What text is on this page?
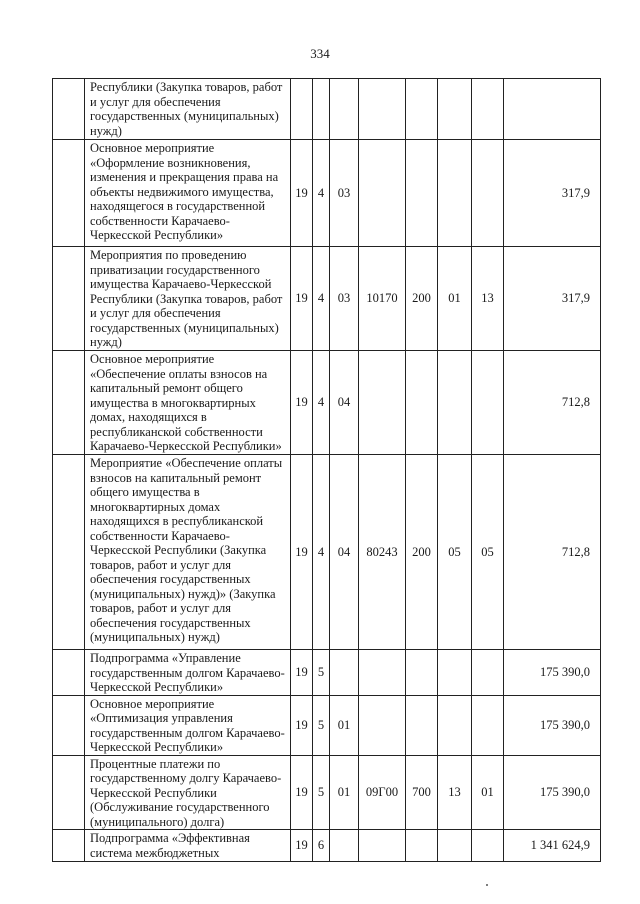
334
	Республики (Закупка товаров, работ и услуг для обеспечения государственных (муниципальных) нужд)								
	Основное мероприятие «Оформление возникновения, изменения и прекращения права на объекты недвижимого имущества, находящегося в государственной собственности Карачаево-Черкесской Республики»	19	4	03					317,9
	Мероприятия по проведению приватизации государственного имущества Карачаево-Черкесской Республики (Закупка товаров, работ и услуг для обеспечения государственных (муниципальных) нужд)	19	4	03	10170	200	01	13	317,9
	Основное мероприятие «Обеспечение оплаты взносов на капитальный ремонт общего имущества в многоквартирных домах, находящихся в республиканской собственности Карачаево-Черкесской Республики»	19	4	04					712,8
	Мероприятие «Обеспечение оплаты взносов на капитальный ремонт общего имущества в многоквартирных домах находящихся в республиканской собственности Карачаево-Черкесской Республики (Закупка товаров, работ и услуг для обеспечения государственных (муниципальных) нужд)» (Закупка товаров, работ и услуг для обеспечения государственных (муниципальных) нужд)	19	4	04	80243	200	05	05	712,8
	Подпрограмма «Управление государственным долгом Карачаево-Черкесской Республики»	19	5						175 390,0
	Основное мероприятие «Оптимизация управления государственным долгом Карачаево-Черкесской Республики»	19	5	01					175 390,0
	Процентные платежи по государственному долгу Карачаево-Черкесской Республики (Обслуживание государственного (муниципального) долга)	19	5	01	09Г00	700	13	01	175 390,0
	Подпрограмма «Эффективная система межбюджетных	19	6						1 341 624,9
